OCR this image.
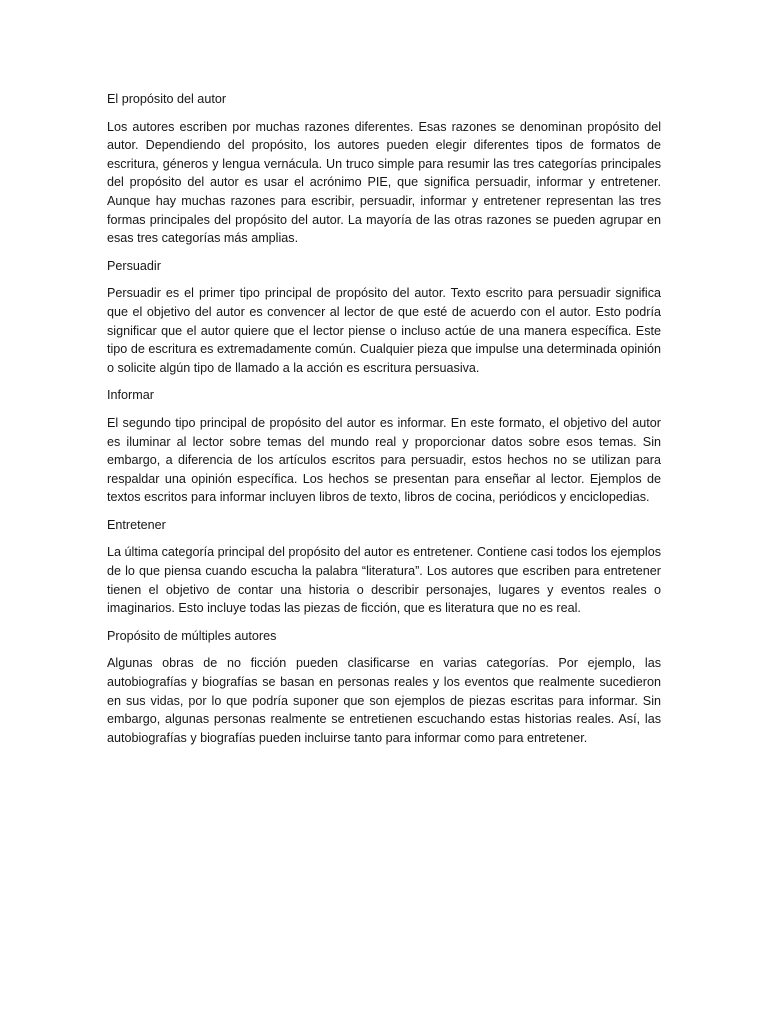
El propósito del autor

Los autores escriben por muchas razones diferentes. Esas razones se denominan propósito del autor. Dependiendo del propósito, los autores pueden elegir diferentes tipos de formatos de escritura, géneros y lengua vernácula. Un truco simple para resumir las tres categorías principales del propósito del autor es usar el acrónimo PIE, que significa persuadir, informar y entretener. Aunque hay muchas razones para escribir, persuadir, informar y entretener representan las tres formas principales del propósito del autor. La mayoría de las otras razones se pueden agrupar en esas tres categorías más amplias.

Persuadir

Persuadir es el primer tipo principal de propósito del autor. Texto escrito para persuadir significa que el objetivo del autor es convencer al lector de que esté de acuerdo con el autor. Esto podría significar que el autor quiere que el lector piense o incluso actúe de una manera específica. Este tipo de escritura es extremadamente común. Cualquier pieza que impulse una determinada opinión o solicite algún tipo de llamado a la acción es escritura persuasiva.

Informar

El segundo tipo principal de propósito del autor es informar. En este formato, el objetivo del autor es iluminar al lector sobre temas del mundo real y proporcionar datos sobre esos temas. Sin embargo, a diferencia de los artículos escritos para persuadir, estos hechos no se utilizan para respaldar una opinión específica. Los hechos se presentan para enseñar al lector. Ejemplos de textos escritos para informar incluyen libros de texto, libros de cocina, periódicos y enciclopedias.

Entretener

La última categoría principal del propósito del autor es entretener. Contiene casi todos los ejemplos de lo que piensa cuando escucha la palabra “literatura”. Los autores que escriben para entretener tienen el objetivo de contar una historia o describir personajes, lugares y eventos reales o imaginarios. Esto incluye todas las piezas de ficción, que es literatura que no es real.

Propósito de múltiples autores

Algunas obras de no ficción pueden clasificarse en varias categorías. Por ejemplo, las autobiografías y biografías se basan en personas reales y los eventos que realmente sucedieron en sus vidas, por lo que podría suponer que son ejemplos de piezas escritas para informar. Sin embargo, algunas personas realmente se entretienen escuchando estas historias reales. Así, las autobiografías y biografías pueden incluirse tanto para informar como para entretener.
